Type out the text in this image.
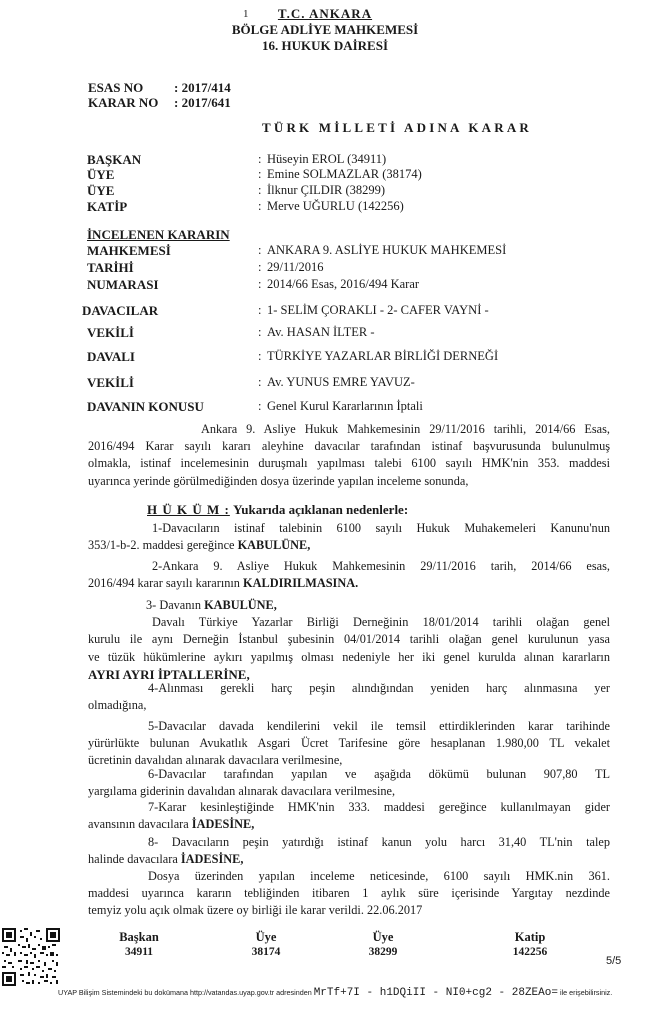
1	T.C. ANKARA
BÖLGE ADLİYE MAHKEMESİ
16. HUKUK DAİRESİ
ESAS NO : 2017/414
KARAR NO : 2017/641
TÜRK MİLLETİ ADINA KARAR
BAŞKAN	: Hüseyin EROL (34911)
ÜYE	: Emine SOLMAZLAR (38174)
ÜYE	: İlknur ÇILDIR (38299)
KATİP	: Merve UĞURLU (142256)
İNCELENEN KARARIN
MAHKEMESİ	: ANKARA 9. ASLİYE HUKUK MAHKEMESİ
TARİHİ	: 29/11/2016
NUMARASI	: 2014/66 Esas, 2016/494 Karar
DAVACILAR	: 1- SELİM ÇORAKLI - 2- CAFER VAYNİ -
VEKİLİ	: Av. HASAN İLTER -
DAVALI	: TÜRKİYE YAZARLAR BİRLİĞİ DERNEĞİ
VEKİLİ	: Av. YUNUS EMRE YAVUZ-
DAVANIN KONUSU	: Genel Kurul Kararlarının İptali
Ankara 9. Asliye Hukuk Mahkemesinin 29/11/2016 tarihli, 2014/66 Esas,
2016/494 Karar sayılı kararı aleyhine davacılar tarafından istinaf başvurusunda bulunulmuş
olmakla, istinaf incelemesinin duruşmalı yapılması talebi 6100 sayılı HMK'nin 353. maddesi
uyarınca yerinde görülmediğinden dosya üzerinde yapılan inceleme sonunda,
H Ü K Ü M : Yukarıda açıklanan nedenlerle:
1-Davacıların istinaf talebinin 6100 sayılı Hukuk Muhakemeleri Kanunu'nun
353/1-b-2. maddesi gereğince KABULÜNE,
2-Ankara 9. Asliye Hukuk Mahkemesinin 29/11/2016 tarih, 2014/66 esas,
2016/494 karar sayılı kararının KALDIRILMASINA.
3- Davanın KABULÜNE,
Davalı Türkiye Yazarlar Birliği Derneğinin 18/01/2014 tarihli olağan genel
kurulu ile aynı Derneğin İstanbul şubesinin 04/01/2014 tarihli olağan genel kurulunun yasa
ve tüzük hükümlerine aykırı yapılmış olması nedeniyle her iki genel kurulda alınan kararların
AYRI AYRI İPTALLERİNE,
4-Alınması gerekli harç peşin alındığından yeniden harç alınmasına yer
olmadığına,
5-Davacılar davada kendilerini vekil ile temsil ettirdiklerinden karar tarihinde
yürürlükte bulunan Avukatlık Asgari Ücret Tarifesine göre hesaplanan 1.980,00 TL vekalet
ücretinin davalıdan alınarak davacılara verilmesine,
6-Davacılar tarafından yapılan ve aşağıda dökümü bulunan 907,80 TL
yargılama giderinin davalıdan alınarak davacılara verilmesine,
7-Karar kesinleştiğinde HMK'nin 333. maddesi gereğince kullanılmayan gider
avansının davacılara İADESİNE,
8- Davacıların peşin yatırdığı istinaf kanun yolu harcı 31,40 TL'nin talep
halinde davacılara İADESİNE,
Dosya üzerinden yapılan inceleme neticesinde, 6100 sayılı HMK.nin 361.
maddesi uyarınca kararın tebliğinden itibaren 1 aylık süre içerisinde Yargıtay nezdinde
temyiz yolu açık olmak üzere oy birliği ile karar verildi. 22.06.2017
Başkan
34911
Üye
38174
Üye
38299
Katip
142256
5/5
UYAP Bilişim Sistemindeki bu dokümana http://vatandas.uyap.gov.tr adresinden MrTf+7I - h1DQiII - NI0+cg2 - 28ZEAo= ile erişebilirsiniz.
